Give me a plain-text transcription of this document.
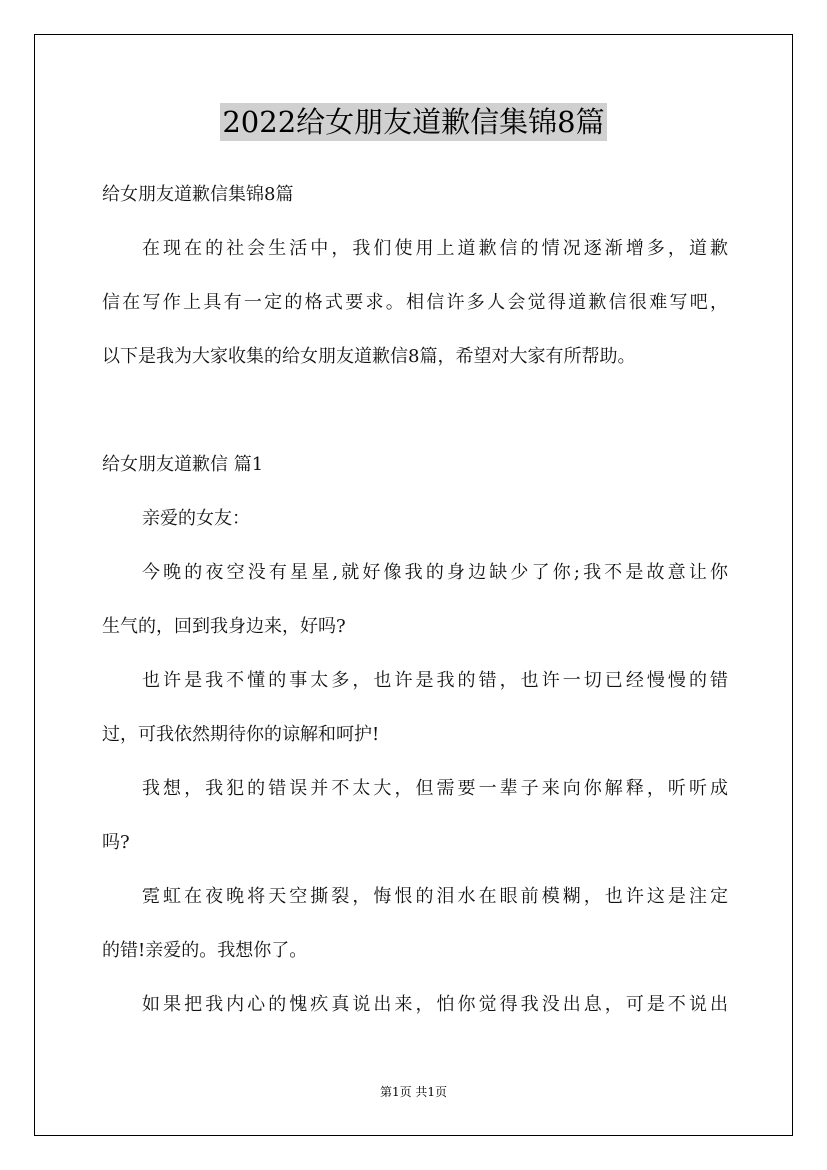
2022给女朋友道歉信集锦8篇
给女朋友道歉信集锦8篇
在现在的社会生活中，我们使用上道歉信的情况逐渐增多，道歉
信在写作上具有一定的格式要求。相信许多人会觉得道歉信很难写吧，
以下是我为大家收集的给女朋友道歉信8篇，希望对大家有所帮助。
给女朋友道歉信 篇1
亲爱的女友：
今晚的夜空没有星星,就好像我的身边缺少了你;我不是故意让你
生气的，回到我身边来，好吗?
也许是我不懂的事太多，也许是我的错，也许一切已经慢慢的错
过，可我依然期待你的谅解和呵护!
我想，我犯的错误并不太大，但需要一辈子来向你解释，听听成
吗?
霓虹在夜晚将天空撕裂，悔恨的泪水在眼前模糊，也许这是注定
的错!亲爱的。我想你了。
如果把我内心的愧疚真说出来，怕你觉得我没出息，可是不说出
第1页 共1页
